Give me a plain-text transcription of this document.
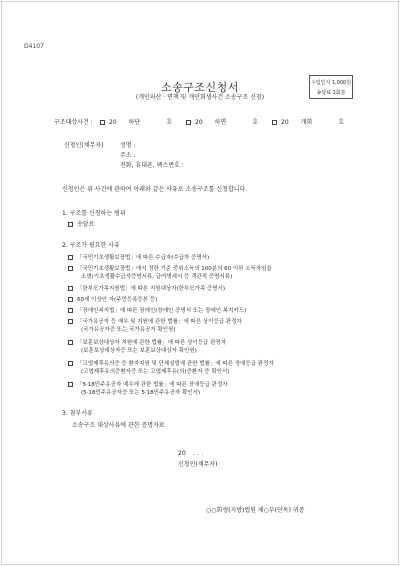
D4107
소송구조신청서
(개인파산 · 면책 및 개인회생사건 소송구조 신청)
수입인지 1,000원
송달료 2회분
구조대상사건 :	20 하단	호	20 하면	호	20 개회	호
신청인(채무자)	성명 :
주소 :
전화, 휴대폰, 팩스번호 :
신청인은 위 사건에 관하여 아래와 같은 사유로 소송구조를 신청합니다.
1. 구조를 신청하는 범위
송달료
2. 구조가 필요한 사유
「국민기초생활보장법」에 따른 수급자(수급자 증명서)
「국민기초생활보장법」에서 정한 기준 중위소득의 100분의 60 이하 소득자임을
소명(기초생활수급자증명서류, 급여명세서 등 객관적 증명서류)
「한부모가족지원법」에 따른 지원대상자(한부모가족 증명서)
60세 이상인 자(주민등록등본 등)
「장애인복지법」에 따른 장애인(장애인 증명서 또는 장애인 복지카드)
「국가유공자 등 예우 및 지원에 관한 법률」에 따른 상이등급 판정자
(국가유공자증 또는 국가유공자 확인원)
「보훈보상대상자 지원에 관한 법률」에 따른 상이등급 판정자
(보훈보상대상자증 또는 보훈보상대상자 확인원)
「고엽제후유의증 등 환자지원 및 단체설립에 관한 법률」에 따른 장애등급 판정자
(고엽제후유의증환자증 또는 고엽제후유(의)증환자 증 확인서)
「5·18민주유공자 예우에 관한 법률」에 따른 장애등급 판정자
(5·18민주유공자증 또는 5·18민주유공자 확인서)
3. 첨부서류
소송구조 대상사유에 관한 증명자료
20 . . .
신청인(채무자)
○○회생(지방)법원 제○부(단독) 귀중
